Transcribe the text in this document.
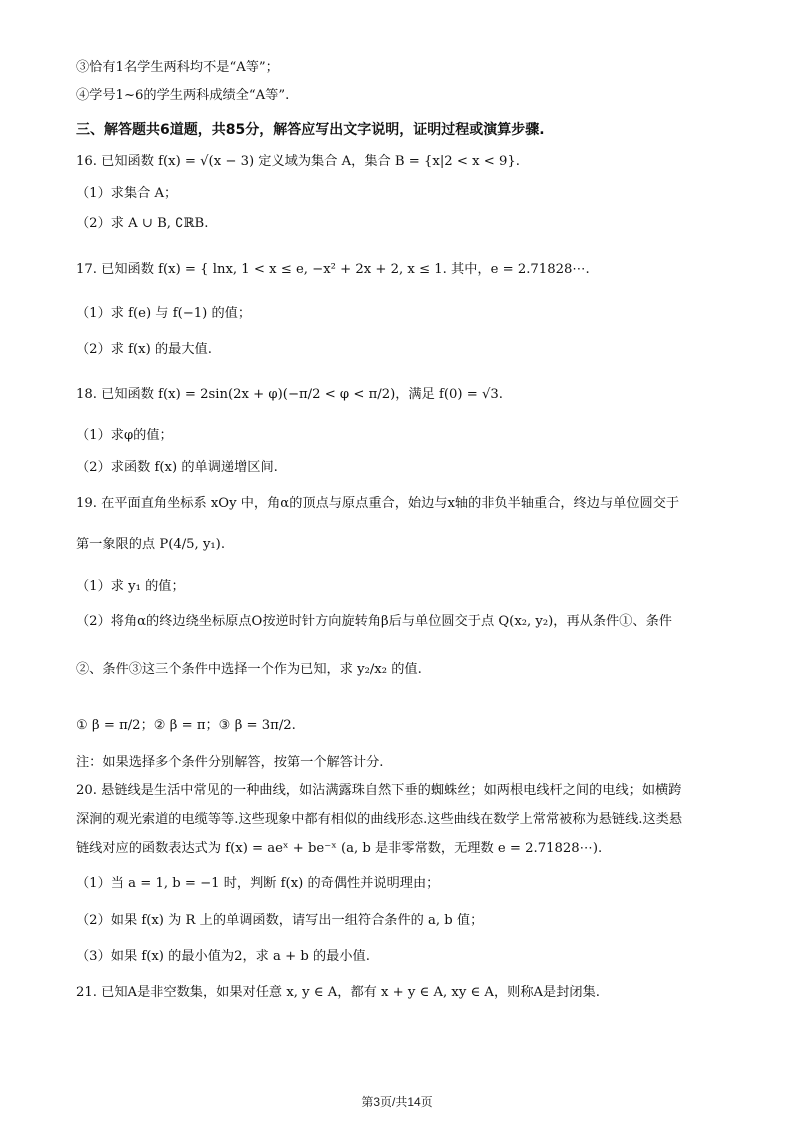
③恰有1名学生两科均不是“A等”；
④学号1~6的学生两科成绩全“A等”.
三、解答题共6道题，共85分，解答应写出文字说明，证明过程或演算步骤.
16. 已知函数 f(x) = √(x − 3) 定义域为集合 A，集合 B = {x|2 < x < 9}.
（1）求集合 A；
（2）求 A ∪ B, ∁ℝB.
17. 已知函数 f(x) = { lnx, 1 < x ≤ e, −x² + 2x + 2, x ≤ 1. 其中，e = 2.71828⋯.
（1）求 f(e) 与 f(−1) 的值；
（2）求 f(x) 的最大值.
18. 已知函数 f(x) = 2sin(2x + φ)(−π/2 < φ < π/2)，满足 f(0) = √3.
（1）求φ的值；
（2）求函数 f(x) 的单调递增区间.
19. 在平面直角坐标系 xOy 中，角α的顶点与原点重合，始边与x轴的非负半轴重合，终边与单位圆交于
第一象限的点 P(4/5, y₁).
（1）求 y₁ 的值；
（2）将角α的终边绕坐标原点O按逆时针方向旋转角β后与单位圆交于点 Q(x₂, y₂)，再从条件①、条件
②、条件③这三个条件中选择一个作为已知，求 y₂/x₂ 的值.
① β = π/2；② β = π；③ β = 3π/2.
注：如果选择多个条件分别解答，按第一个解答计分.
20. 悬链线是生活中常见的一种曲线，如沾满露珠自然下垂的蜘蛛丝；如两根电线杆之间的电线；如横跨
深涧的观光索道的电缆等等.这些现象中都有相似的曲线形态.这些曲线在数学上常常被称为悬链线.这类悬
链线对应的函数表达式为 f(x) = aeˣ + be⁻ˣ (a, b 是非零常数，无理数 e = 2.71828⋯).
（1）当 a = 1, b = −1 时，判断 f(x) 的奇偶性并说明理由；
（2）如果 f(x) 为 R 上的单调函数，请写出一组符合条件的 a, b 值；
（3）如果 f(x) 的最小值为2，求 a + b 的最小值.
21. 已知A是非空数集，如果对任意 x, y ∈ A，都有 x + y ∈ A, xy ∈ A，则称A是封闭集.
第3页/共14页
